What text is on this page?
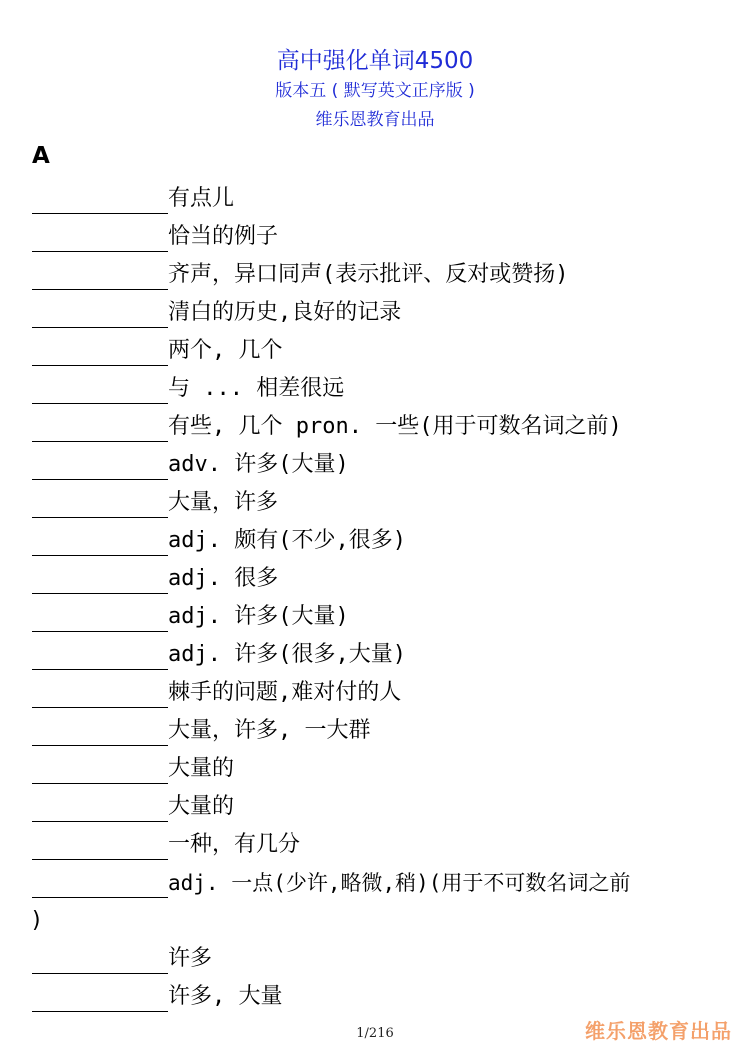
高中强化单词4500
版本五 ( 默写英文正序版 )
维乐恩教育出品
A
有点儿
恰当的例子
齐声，异口同声(表示批评、反对或赞扬)
清白的历史,良好的记录
两个, 几个
与 ... 相差很远
有些, 几个 pron. 一些(用于可数名词之前)
adv. 许多(大量)
大量，许多
adj. 颇有(不少,很多)
adj. 很多
adj. 许多(大量)
adj. 许多(很多,大量)
棘手的问题,难对付的人
大量，许多, 一大群
大量的
大量的
一种，有几分
adj. 一点(少许,略微,稍)(用于不可数名词之前
)
许多
许多, 大量
1/216	维乐恩教育出品
